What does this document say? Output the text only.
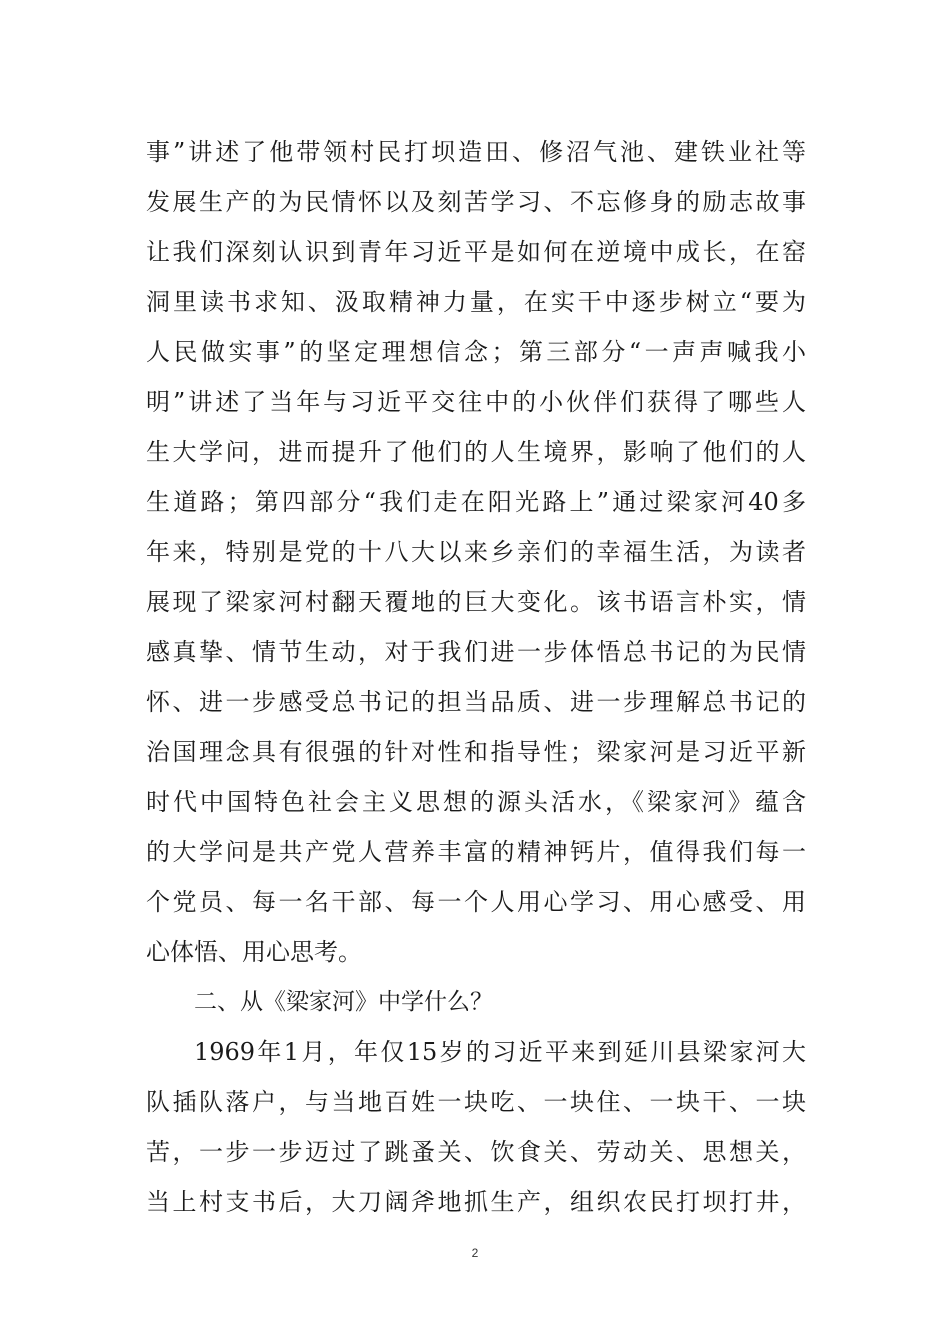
事”讲述了他带领村民打坝造田、修沼气池、建铁业社等
发展生产的为民情怀以及刻苦学习、不忘修身的励志故事
让我们深刻认识到青年习近平是如何在逆境中成长，在窑
洞里读书求知、汲取精神力量，在实干中逐步树立“要为
人民做实事”的坚定理想信念；第三部分“一声声喊我小
明”讲述了当年与习近平交往中的小伙伴们获得了哪些人
生大学问，进而提升了他们的人生境界，影响了他们的人
生道路；第四部分“我们走在阳光路上”通过梁家河40多
年来，特别是党的十八大以来乡亲们的幸福生活，为读者
展现了梁家河村翻天覆地的巨大变化。该书语言朴实，情
感真挚、情节生动，对于我们进一步体悟总书记的为民情
怀、进一步感受总书记的担当品质、进一步理解总书记的
治国理念具有很强的针对性和指导性；梁家河是习近平新
时代中国特色社会主义思想的源头活水，《梁家河》蕴含
的大学问是共产党人营养丰富的精神钙片，值得我们每一
个党员、每一名干部、每一个人用心学习、用心感受、用
心体悟、用心思考。
二、从《梁家河》中学什么？
1969年1月，年仅15岁的习近平来到延川县梁家河大
队插队落户，与当地百姓一块吃、一块住、一块干、一块
苦，一步一步迈过了跳蚤关、饮食关、劳动关、思想关，
当上村支书后，大刀阔斧地抓生产，组织农民打坝打井，
2
